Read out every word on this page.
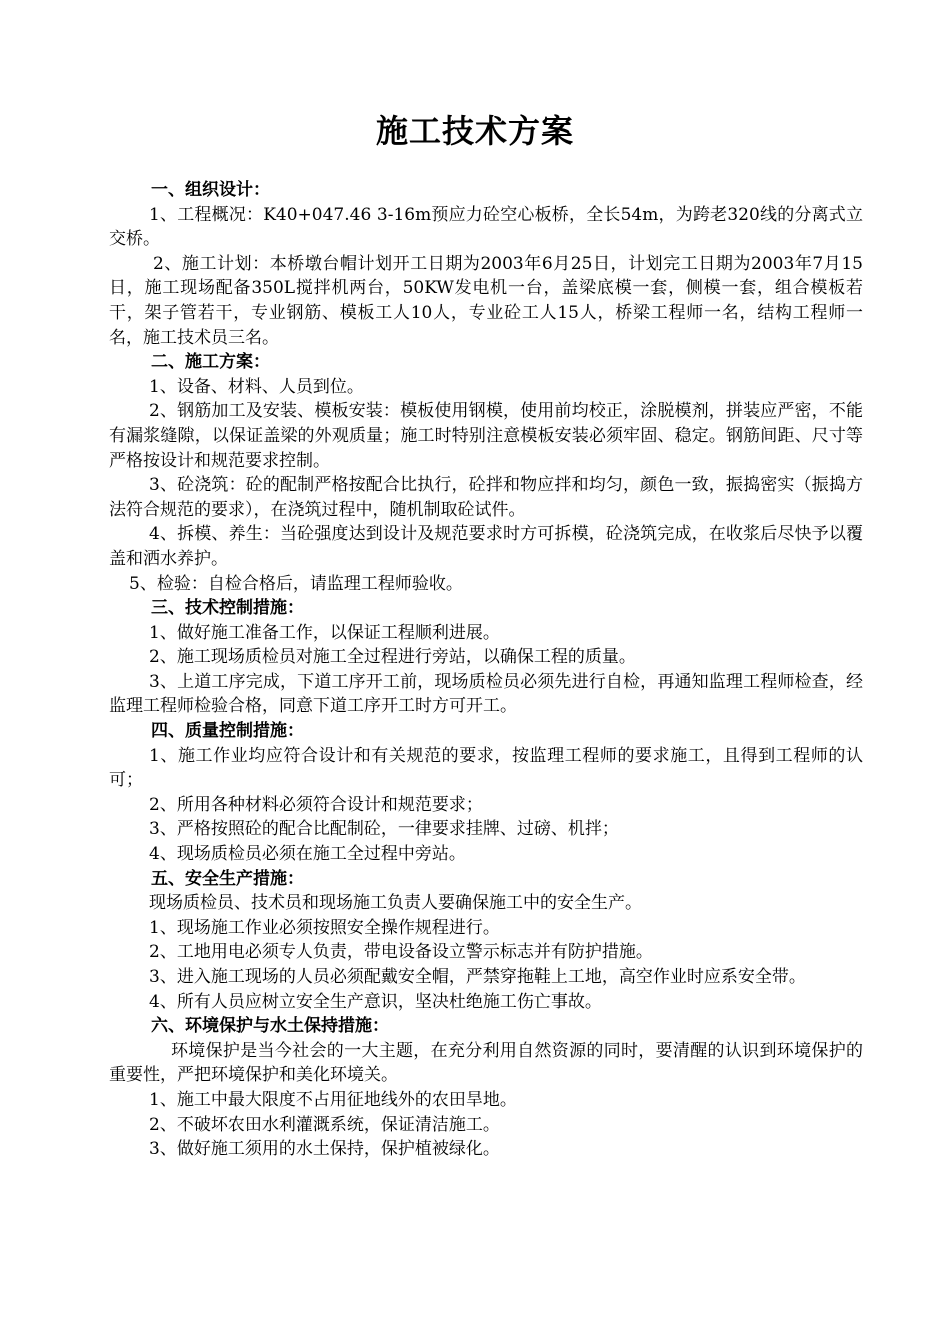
施工技术方案

一、组织设计：

1、工程概况：K40+047.46 3-16m预应力砼空心板桥，全长54m，为跨老320线的分离式立交桥。

2、施工计划：本桥墩台帽计划开工日期为2003年6月25日，计划完工日期为2003年7月15日，施工现场配备350L搅拌机两台，50KW发电机一台，盖梁底模一套，侧模一套，组合模板若干，架子管若干，专业钢筋、模板工人10人，专业砼工人15人，桥梁工程师一名，结构工程师一名，施工技术员三名。

二、施工方案：

1、设备、材料、人员到位。

2、钢筋加工及安装、模板安装：模板使用钢模，使用前均校正，涂脱模剂，拼装应严密，不能有漏浆缝隙，以保证盖梁的外观质量；施工时特别注意模板安装必须牢固、稳定。钢筋间距、尺寸等严格按设计和规范要求控制。

3、砼浇筑：砼的配制严格按配合比执行，砼拌和物应拌和均匀，颜色一致，振捣密实（振捣方法符合规范的要求），在浇筑过程中，随机制取砼试件。

4、拆模、养生：当砼强度达到设计及规范要求时方可拆模，砼浇筑完成，在收浆后尽快予以覆盖和洒水养护。

5、检验：自检合格后，请监理工程师验收。

三、技术控制措施：

1、做好施工准备工作，以保证工程顺利进展。

2、施工现场质检员对施工全过程进行旁站，以确保工程的质量。

3、上道工序完成，下道工序开工前，现场质检员必须先进行自检，再通知监理工程师检查，经监理工程师检验合格，同意下道工序开工时方可开工。

四、质量控制措施：

1、施工作业均应符合设计和有关规范的要求，按监理工程师的要求施工，且得到工程师的认可；

2、所用各种材料必须符合设计和规范要求；

3、严格按照砼的配合比配制砼，一律要求挂牌、过磅、机拌；

4、现场质检员必须在施工全过程中旁站。

五、安全生产措施：

现场质检员、技术员和现场施工负责人要确保施工中的安全生产。

1、现场施工作业必须按照安全操作规程进行。

2、工地用电必须专人负责，带电设备设立警示标志并有防护措施。

3、进入施工现场的人员必须配戴安全帽，严禁穿拖鞋上工地，高空作业时应系安全带。

4、所有人员应树立安全生产意识，坚决杜绝施工伤亡事故。

六、环境保护与水土保持措施：

环境保护是当今社会的一大主题，在充分利用自然资源的同时，要清醒的认识到环境保护的重要性，严把环境保护和美化环境关。

1、施工中最大限度不占用征地线外的农田旱地。

2、不破坏农田水利灌溉系统，保证清洁施工。

3、做好施工须用的水土保持，保护植被绿化。
